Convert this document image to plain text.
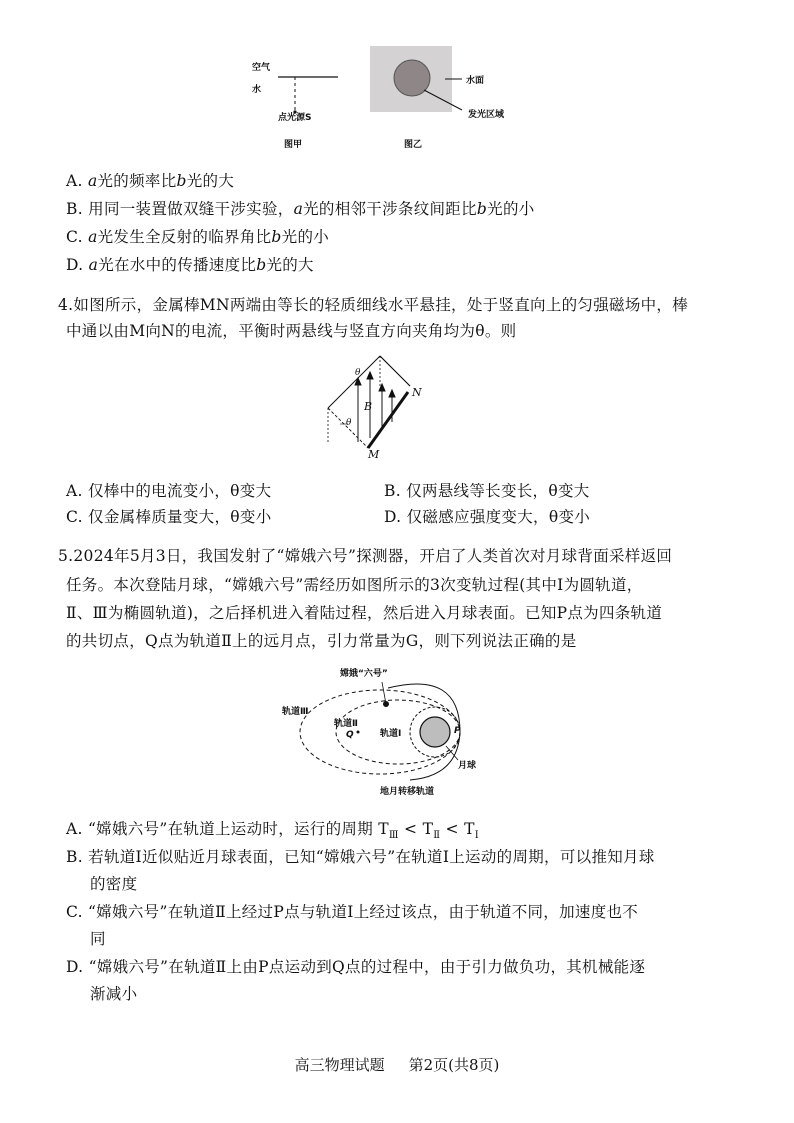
空气
水
点光源S
水面
发光区域
图甲	图乙
A. a光的频率比b光的大
B. 用同一装置做双缝干涉实验，a光的相邻干涉条纹间距比b光的小
C. a光发生全反射的临界角比b光的小
D. a光在水中的传播速度比b光的大
4.如图所示，金属棒MN两端由等长的轻质细线水平悬挂，处于竖直向上的匀强磁场中，棒
中通以由M向N的电流，平衡时两悬线与竖直方向夹角均为θ。则
θ
θ
B
N
M
A. 仅棒中的电流变小，θ变大	B. 仅两悬线等长变长，θ变大
C. 仅金属棒质量变大，θ变小	D. 仅磁感应强度变大，θ变小
5.2024年5月3日，我国发射了“嫦娥六号”探测器，开启了人类首次对月球背面采样返回
任务。本次登陆月球，“嫦娥六号”需经历如图所示的3次变轨过程(其中Ⅰ为圆轨道，
Ⅱ、Ⅲ为椭圆轨道)，之后择机进入着陆过程，然后进入月球表面。已知P点为四条轨道
的共切点，Q点为轨道Ⅱ上的远月点，引力常量为G，则下列说法正确的是
嫦娥“六号”
轨道Ⅲ
轨道Ⅱ
轨道Ⅰ
Q	P
月球
地月转移轨道
A. “嫦娥六号”在轨道上运动时，运行的周期 $T_Ⅲ < T_Ⅱ < T_Ⅰ$
B. 若轨道Ⅰ近似贴近月球表面，已知“嫦娥六号”在轨道Ⅰ上运动的周期，可以推知月球
的密度
C. “嫦娥六号”在轨道Ⅱ上经过P点与轨道Ⅰ上经过该点，由于轨道不同，加速度也不
同
D. “嫦娥六号”在轨道Ⅱ上由P点运动到Q点的过程中，由于引力做负功，其机械能逐
渐减小
高三物理试题 第2页(共8页)
